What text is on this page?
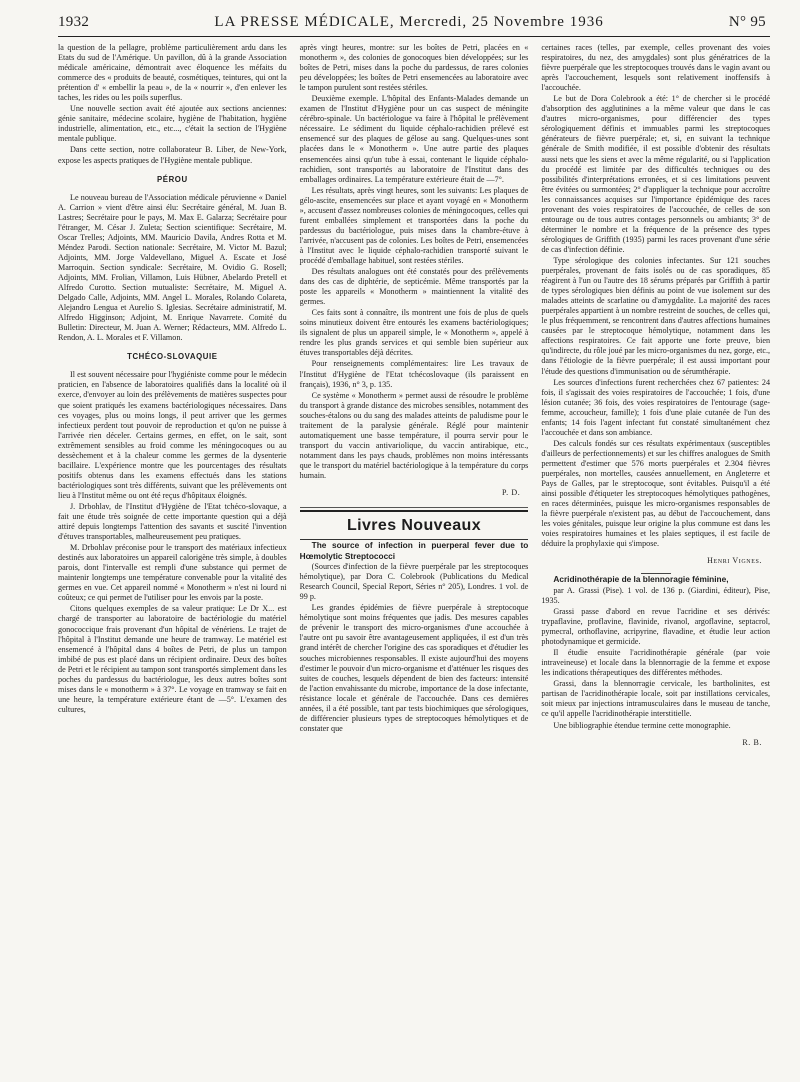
1932	LA PRESSE MÉDICALE, Mercredi, 25 Novembre 1936	N° 95

la question de la pellagre, problème particulièrement ardu dans les Etats du sud de l'Amérique. Un pavillon, dû à la grande Association médicale américaine, démontrait avec éloquence les méfaits du commerce des « produits de beauté, cosmétiques, teintures, qui ont la prétention d' « embellir la peau », de la « nourrir », d'en enlever les taches, les rides ou les poils superflus.

Une nouvelle section avait été ajoutée aux sections anciennes: génie sanitaire, médecine scolaire, hygiène de l'habitation, hygiène industrielle, alimentation, etc., etc..., c'était la section de l'Hygiène mentale publique.

Dans cette section, notre collaborateur B. Liber, de New-York, expose les aspects pratiques de l'Hygiène mentale publique.

PÉROU

Le nouveau bureau de l'Association médicale péruvienne « Daniel A. Carrion » vient d'être ainsi élu: Secrétaire général, M. Juan B. Lastres; Secrétaire pour le pays, M. Max E. Galarza; Secrétaire pour l'étranger, M. César J. Zuleta; Section scientifique: Secrétaire, M. Oscar Trelles; Adjoints, MM. Mauricio Davila, Andres Rotta et M. Méndez Parodi. Section nationale: Secrétaire, M. Victor M. Bazul; Adjoints, MM. Jorge Valdevellano, Miguel A. Escate et José Marroquin. Section syndicale: Secrétaire, M. Ovidio G. Rosell; Adjoints, MM. Frolian, Villamon, Luis Hübner, Abelardo Pretell et Alfredo Curotto. Section mutualiste: Secrétaire, M. Miguel A. Delgado Calle, Adjoints, MM. Angel L. Morales, Rolando Colareta, Alejandro Lengua et Aurelio S. Iglesias. Secrétaire administratif, M. Alfredo Higginson; Adjoint, M. Enrique Navarrete. Comité du Bulletin: Directeur, M. Juan A. Werner; Rédacteurs, MM. Alfredo L. Rendon, A. L. Morales et F. Villamon.

TCHÉCO-SLOVAQUIE

Il est souvent nécessaire pour l'hygiéniste comme pour le médecin praticien, en l'absence de laboratoires qualifiés dans la localité où il exerce, d'envoyer au loin des prélèvements de matières suspectes pour que soient pratiqués les examens bactériologiques nécessaires. Dans ces voyages, plus ou moins longs, il peut arriver que les germes infectieux perdent tout pouvoir de reproduction et qu'on ne puisse à l'arrivée rien déceler. Certains germes, en effet, on le sait, sont extrêmement sensibles au froid comme les méningocoques ou au dessèchement et à la chaleur comme les germes de la dysenterie bacillaire. L'expérience montre que les pourcentages des résultats positifs obtenus dans les examens effectués dans les stations bactériologiques sont très différents, suivant que les prélèvements ont lieu à l'Institut même ou ont été reçus d'hôpitaux éloignés.

J. Drbohlav, de l'Institut d'Hygiène de l'Etat tchéco-slovaque, a fait une étude très soignée de cette importante question qui a déjà attiré depuis longtemps l'attention des savants et suscité l'invention d'étuves transportables, malheureusement peu pratiques.

M. Drbohlav préconise pour le transport des matériaux infectieux destinés aux laboratoires un appareil calorigène très simple, à doubles parois, dont l'intervalle est rempli d'une substance qui permet de maintenir longtemps une température convenable pour la vitalité des germes en vue. Cet appareil nommé « Monotherm » n'est ni lourd ni coûteux; ce qui permet de l'utiliser pour les envois par la poste.

Citons quelques exemples de sa valeur pratique: Le Dr X... est chargé de transporter au laboratoire de bactériologie du matériel gonococcique frais provenant d'un hôpital de vénériens. Le trajet de l'hôpital à l'Institut demande une heure de tramway. Le matériel est ensemencé à l'hôpital dans 4 boîtes de Petri, de plus un tampon imbibé de pus est placé dans un récipient ordinaire. Deux des boîtes de Petri et le récipient au tampon sont transportés simplement dans les poches du pardessus du bactériologue, les deux autres boîtes sont mises dans le « monotherm » à 37°. Le voyage en tramway se fait en une heure, la température extérieure étant de —5°. L'examen des cultures,

après vingt heures, montre: sur les boîtes de Petri, placées en « monotherm », des colonies de gonocoques bien développées; sur les boîtes de Petri, mises dans la poche du pardessus, de rares colonies peu développées; les boîtes de Petri ensemencées au laboratoire avec le tampon purulent sont restées stériles.

Deuxième exemple. L'hôpital des Enfants-Malades demande un examen de l'Institut d'Hygiène pour un cas suspect de méningite cérébro-spinale. Un bactériologue va faire à l'hôpital le prélèvement nécessaire. Le sédiment du liquide céphalo-rachidien prélevé est ensemencé sur des plaques de gélose au sang. Quelques-unes sont placées dans le « Monotherm ». Une autre partie des plaques ensemencées ainsi qu'un tube à essai, contenant le liquide céphalo-rachidien, sont transportés au laboratoire de l'Institut dans des emballages ordinaires. La température extérieure était de —7°.

Les résultats, après vingt heures, sont les suivants: Les plaques de gélo-ascite, ensemencées sur place et ayant voyagé en « Monotherm », accusent d'assez nombreuses colonies de méningocoques, celles qui furent emballées simplement et transportées dans la poche du pardessus du bactériologue, puis mises dans la chambre-étuve à l'arrivée, n'accusent pas de colonies. Les boîtes de Petri, ensemencées à l'Institut avec le liquide céphalo-rachidien transporté suivant le procédé d'emballage habituel, sont restées stériles.

Des résultats analogues ont été constatés pour des prélèvements dans des cas de diphtérie, de septicémie. Même transportés par la poste les appareils « Monotherm » maintiennent la vitalité des germes.

Ces faits sont à connaître, ils montrent une fois de plus de quels soins minutieux doivent être entourés les examens bactériologiques; ils signalent de plus un appareil simple, le « Monotherm », appelé à rendre les plus grands services et qui semble bien supérieur aux étuves transportables déjà décrites.

Pour renseignements complémentaires: lire Les travaux de l'Institut d'Hygiène de l'Etat tchécoslovaque (ils paraissent en français), 1936, n° 3, p. 135.

Ce système « Monotherm » permet aussi de résoudre le problème du transport à grande distance des microbes sensibles, notamment des souches-étalons ou du sang des malades atteints de paludisme pour le traitement de la paralysie générale. Réglé pour maintenir automatiquement une basse température, il pourra servir pour le transport du vaccin antivariolique, du vaccin antirabique, etc., notamment dans les pays chauds, problèmes non moins intéressants que le transport du matériel bactériologique à la température du corps humain.

P. D.
Livres Nouveaux

The source of infection in puerperal fever due to Hœmolytic Streptococci

(Sources d'infection de la fièvre puerpérale par les streptocoques hémolytique), par Dora C. Colebrook (Publications du Medical Research Council, Special Report, Séries n° 205), Londres. 1 vol. de 99 p.

Les grandes épidémies de fièvre puerpérale à streptocoque hémolytique sont moins fréquentes que jadis. Des mesures capables de prévenir le transport des micro-organismes d'une accouchée à l'autre ont pu savoir être avantageusement appliquées, il est d'un très grand intérêt de chercher l'origine des cas sporadiques et d'étudier les souches microbiennes responsables. Il existe aujourd'hui des moyens d'estimer le pouvoir d'un micro-organisme et d'atténuer les risques des suites de couches, lesquels dépendent de bien des facteurs: intensité de l'action envahissante du microbe, importance de la dose infectante, résistance locale et générale de l'accouchée. Dans ces dernières années, il a été possible, tant par tests biochimiques que sérologiques, de différencier plusieurs types de streptocoques hémolytiques et de constater que

certaines races (telles, par exemple, celles provenant des voies respiratoires, du nez, des amygdales) sont plus génératrices de la fièvre puerpérale que les streptocoques trouvés dans le vagin avant ou après l'accouchement, lesquels sont relativement inoffensifs à l'accouchée.

Le but de Dora Colebrook a été: 1° de chercher si le procédé d'absorption des agglutinines a la même valeur que dans le cas d'autres micro-organismes, pour différencier des types sérologiquement définis et immuables parmi les streptocoques générateurs de fièvre puerpérale; et, si, en suivant la technique générale de Smith modifiée, il est possible d'obtenir des résultats aussi nets que les siens et avec la même régularité, ou si l'application du procédé est limitée par des difficultés techniques ou des possibilités d'interprétations erronées, et si ces limitations peuvent être évitées ou surmontées; 2° d'appliquer la technique pour accroître les connaissances acquises sur l'importance épidémique des races provenant des voies respiratoires de l'accouchée, de celles de son entourage ou de tous autres contages personnels ou ambiants; 3° de déterminer le nombre et la fréquence de la présence des types sérologiques de Griffith (1935) parmi les races provenant d'une série de cas d'infection définie.

Type sérologique des colonies infectantes. Sur 121 souches puerpérales, provenant de faits isolés ou de cas sporadiques, 85 réagirent à l'un ou l'autre des 18 sérums préparés par Griffith à partir de types sérologiques bien définis au point de vue isolement sur des malades atteints de scarlatine ou d'amygdalite. La majorité des races puerpérales appartient à un nombre restreint de souches, de celles qui, le plus fréquemment, se rencontrent dans d'autres affections humaines causées par le streptocoque hémolytique, notamment dans les affections respiratoires. Ce fait apporte une forte preuve, bien qu'indirecte, du rôle joué par les micro-organismes du nez, gorge, etc., dans l'étiologie de la fièvre puerpérale; il est aussi important pour l'étude des questions d'immunisation ou de sérumthérapie.

Les sources d'infections furent recherchées chez 67 patientes: 24 fois, il s'agissait des voies respiratoires de l'accouchée; 1 fois, d'une lésion cutanée; 36 fois, des voies respiratoires de l'entourage (sage-femme, accoucheur, famille); 1 fois d'une plaie cutanée de l'un des enfants; 14 fois l'agent infectant fut constaté simultanément chez l'accouchée et dans son ambiance.

Des calculs fondés sur ces résultats expérimentaux (susceptibles d'ailleurs de perfectionnements) et sur les chiffres analogues de Smith permettent d'estimer que 576 morts puerpérales et 2.304 fièvres puerpérales, non mortelles, causées annuellement, en Angleterre et Pays de Galles, par le streptocoque, sont évitables. Puisqu'il a été ainsi possible d'étiqueter les streptocoques hémolytiques pathogènes, en races déterminées, puisque les micro-organismes responsables de la fièvre puerpérale n'existent pas, au début de l'accouchement, dans les voies génitales, puisque leur origine la plus commune est dans les voies respiratoires humaines et les plaies septiques, il est facile de déduire la prophylaxie qui s'impose.

Henri Vignes.

Acridinothérapie de la blennoragie féminine,

par A. Grassi (Pise). 1 vol. de 136 p. (Giardini, éditeur), Pise, 1935.

Grassi passe d'abord en revue l'acridine et ses dérivés: trypaflavine, proflavine, flavinide, rivanol, argoflavine, septacrol, pymecral, orthoflavine, acripyrine, flavadine, et étudie leur action photodynamique et germicide.

Il étudie ensuite l'acridinothérapie générale (par voie intraveineuse) et locale dans la blennorragie de la femme et expose les indications thérapeutiques des différentes méthodes.

Grassi, dans la blennorragie cervicale, les bartholinites, est partisan de l'acridinothérapie locale, soit par instillations cervicales, soit mieux par injections intramusculaires dans le museau de tanche, ce qu'il appelle l'acridinothérapie interstitielle.

Une bibliographie étendue termine cette monographie.

R. B.
